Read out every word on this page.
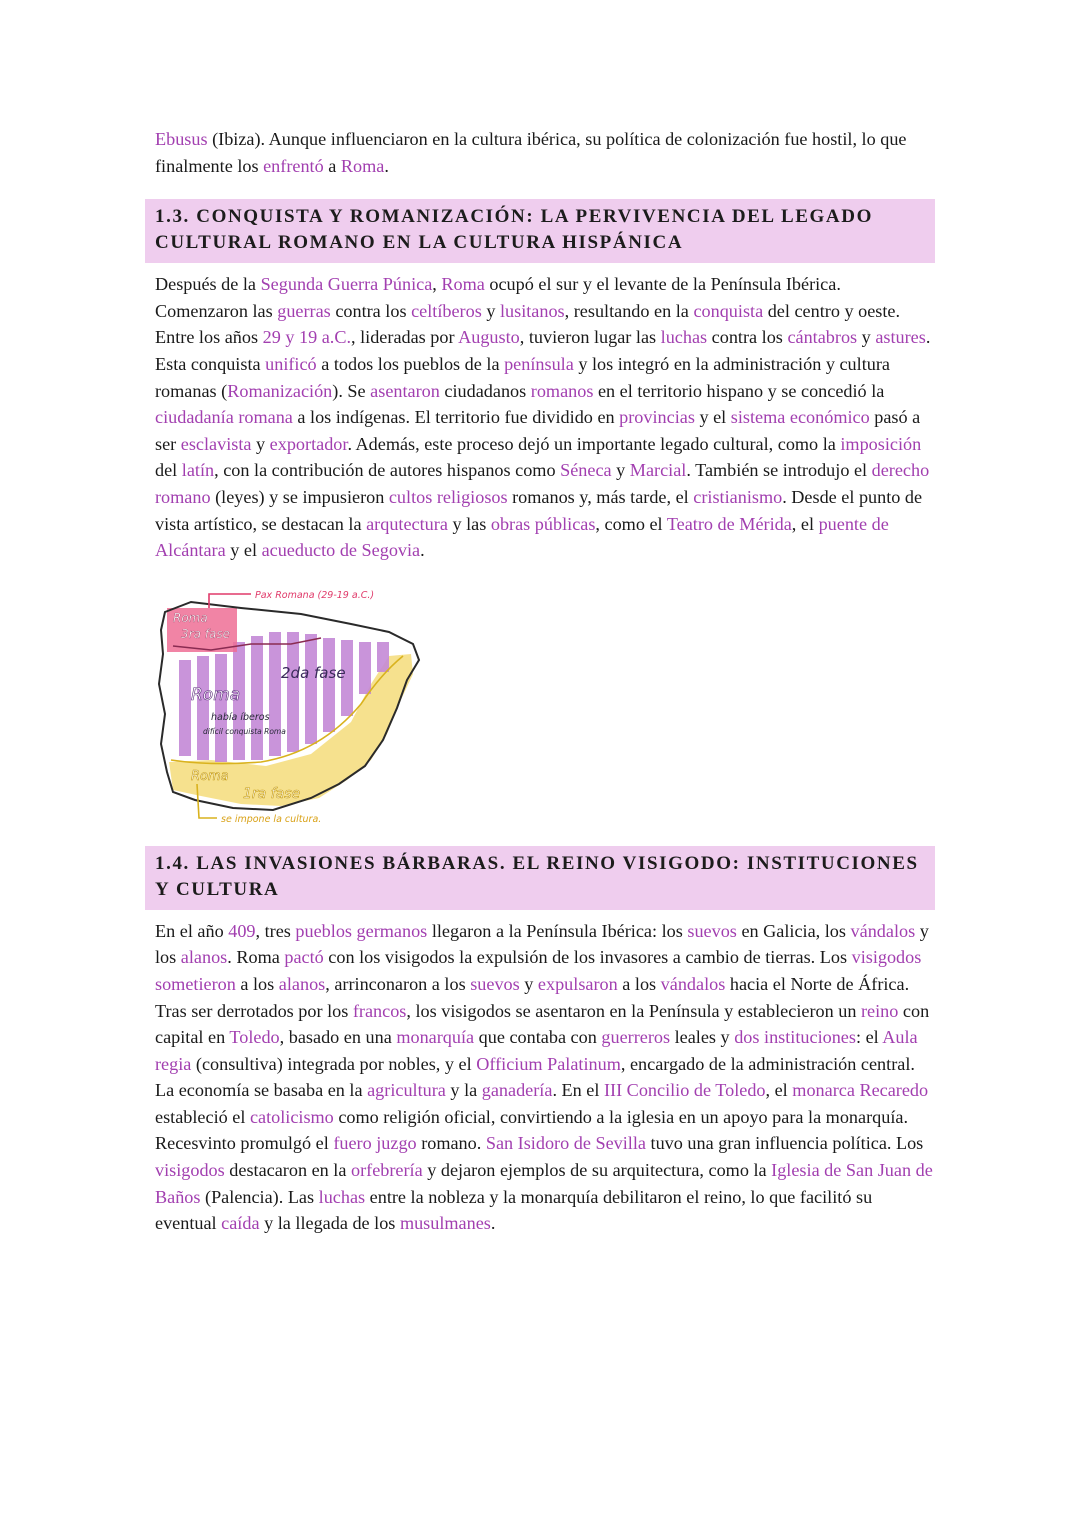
Ebusus (Ibiza). Aunque influenciaron en la cultura ibérica, su política de colonización fue hostil, lo que finalmente los enfrentó a Roma.

1.3. CONQUISTA Y ROMANIZACIÓN: LA PERVIVENCIA DEL LEGADO CULTURAL ROMANO EN LA CULTURA HISPÁNICA

Después de la Segunda Guerra Púnica, Roma ocupó el sur y el levante de la Península Ibérica. Comenzaron las guerras contra los celtíberos y lusitanos, resultando en la conquista del centro y oeste. Entre los años 29 y 19 a.C., lideradas por Augusto, tuvieron lugar las luchas contra los cántabros y astures. Esta conquista unificó a todos los pueblos de la península y los integró en la administración y cultura romanas (Romanización). Se asentaron ciudadanos romanos en el territorio hispano y se concedió la ciudadanía romana a los indígenas. El territorio fue dividido en provincias y el sistema económico pasó a ser esclavista y exportador. Además, este proceso dejó un importante legado cultural, como la imposición del latín, con la contribución de autores hispanos como Séneca y Marcial. También se introdujo el derecho romano (leyes) y se impusieron cultos religiosos romanos y, más tarde, el cristianismo. Desde el punto de vista artístico, se destacan la arqutectura y las obras públicas, como el Teatro de Mérida, el puente de Alcántara y el acueducto de Segovia.

Pax Romana (29-19 a.C.)
Roma
3ra fase
2da fase
Roma
había íberos
difícil conquista Roma
Roma
1ra fase
se impone la cultura.
1.4. LAS INVASIONES BÁRBARAS. EL REINO VISIGODO: INSTITUCIONES Y CULTURA

En el año 409, tres pueblos germanos llegaron a la Península Ibérica: los suevos en Galicia, los vándalos y los alanos. Roma pactó con los visigodos la expulsión de los invasores a cambio de tierras. Los visigodos sometieron a los alanos, arrinconaron a los suevos y expulsaron a los vándalos hacia el Norte de África. Tras ser derrotados por los francos, los visigodos se asentaron en la Península y establecieron un reino con capital en Toledo, basado en una monarquía que contaba con guerreros leales y dos instituciones: el Aula regia (consultiva) integrada por nobles, y el Officium Palatinum, encargado de la administración central. La economía se basaba en la agricultura y la ganadería. En el III Concilio de Toledo, el monarca Recaredo estableció el catolicismo como religión oficial, convirtiendo a la iglesia en un apoyo para la monarquía. Recesvinto promulgó el fuero juzgo romano. San Isidoro de Sevilla tuvo una gran influencia política. Los visigodos destacaron en la orfebrería y dejaron ejemplos de su arquitectura, como la Iglesia de San Juan de Baños (Palencia). Las luchas entre la nobleza y la monarquía debilitaron el reino, lo que facilitó su eventual caída y la llegada de los musulmanes.
